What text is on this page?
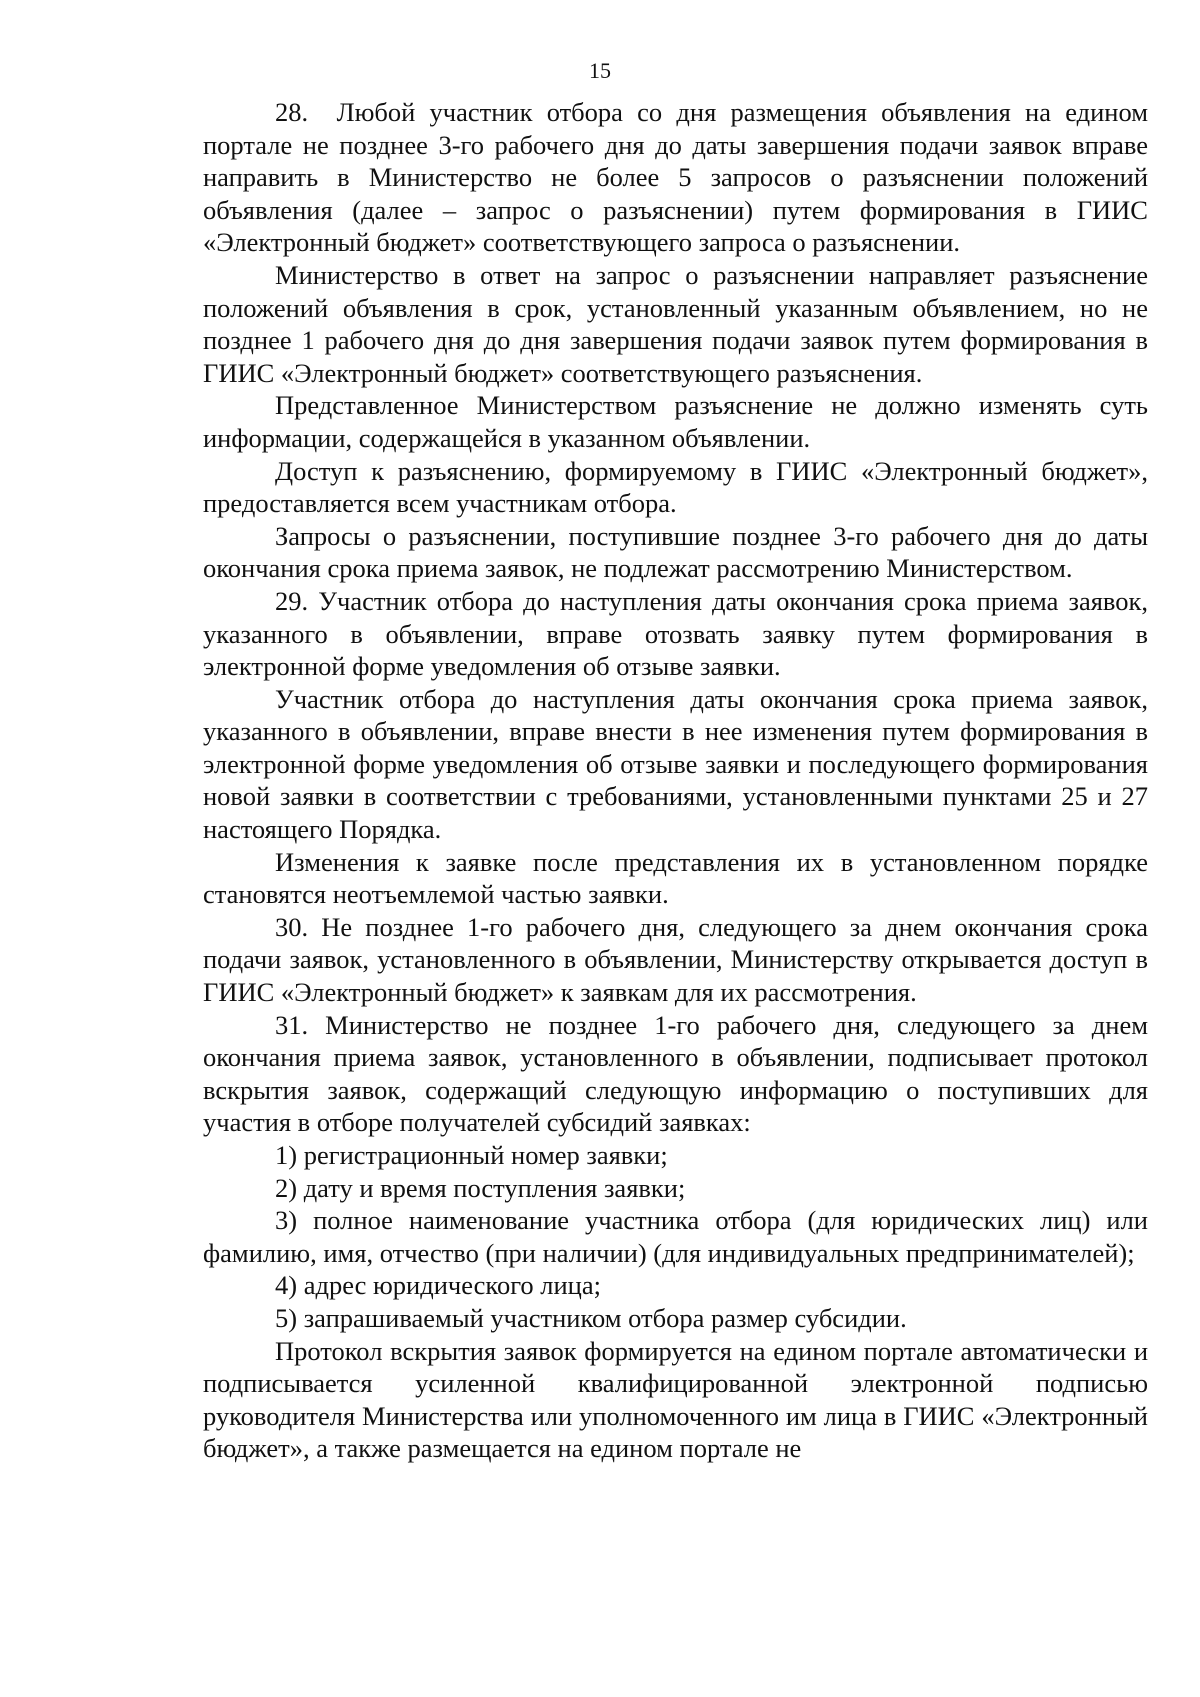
15

28.  Любой участник отбора со дня размещения объявления на едином портале не позднее 3-го рабочего дня до даты завершения подачи заявок вправе направить в Министерство не более 5 запросов о разъяснении положений объявления (далее – запрос о разъяснении) путем формирования в ГИИС «Электронный бюджет» соответствующего запроса о разъяснении.

Министерство в ответ на запрос о разъяснении направляет разъяснение положений объявления в срок, установленный указанным объявлением, но не позднее 1 рабочего дня до дня завершения подачи заявок путем формирования в ГИИС «Электронный бюджет» соответствующего разъяснения.

Представленное Министерством разъяснение не должно изменять суть информации, содержащейся в указанном объявлении.

Доступ к разъяснению, формируемому в ГИИС «Электронный бюджет», предоставляется всем участникам отбора.

Запросы о разъяснении, поступившие позднее 3-го рабочего дня до даты окончания срока приема заявок, не подлежат рассмотрению Министерством.

29. Участник отбора до наступления даты окончания срока приема заявок, указанного в объявлении, вправе отозвать заявку путем формирования в электронной форме уведомления об отзыве заявки.

Участник отбора до наступления даты окончания срока приема заявок, указанного в объявлении, вправе внести в нее изменения путем формирования в электронной форме уведомления об отзыве заявки и последующего формирования новой заявки в соответствии с требованиями, установленными пунктами 25 и 27 настоящего Порядка.

Изменения к заявке после представления их в установленном порядке становятся неотъемлемой частью заявки.

30. Не позднее 1-го рабочего дня, следующего за днем окончания срока подачи заявок, установленного в объявлении, Министерству открывается доступ в ГИИС «Электронный бюджет» к заявкам для их рассмотрения.

31. Министерство не позднее 1-го рабочего дня, следующего за днем окончания приема заявок, установленного в объявлении, подписывает протокол вскрытия заявок, содержащий следующую информацию о поступивших для участия в отборе получателей субсидий заявках:

1) регистрационный номер заявки;

2) дату и время поступления заявки;

3) полное наименование участника отбора (для юридических лиц) или фамилию, имя, отчество (при наличии) (для индивидуальных предпринимателей);

4) адрес юридического лица;

5) запрашиваемый участником отбора размер субсидии.

Протокол вскрытия заявок формируется на едином портале автоматически и подписывается усиленной квалифицированной электронной подписью руководителя Министерства или уполномоченного им лица в ГИИС «Электронный бюджет», а также размещается на едином портале не
